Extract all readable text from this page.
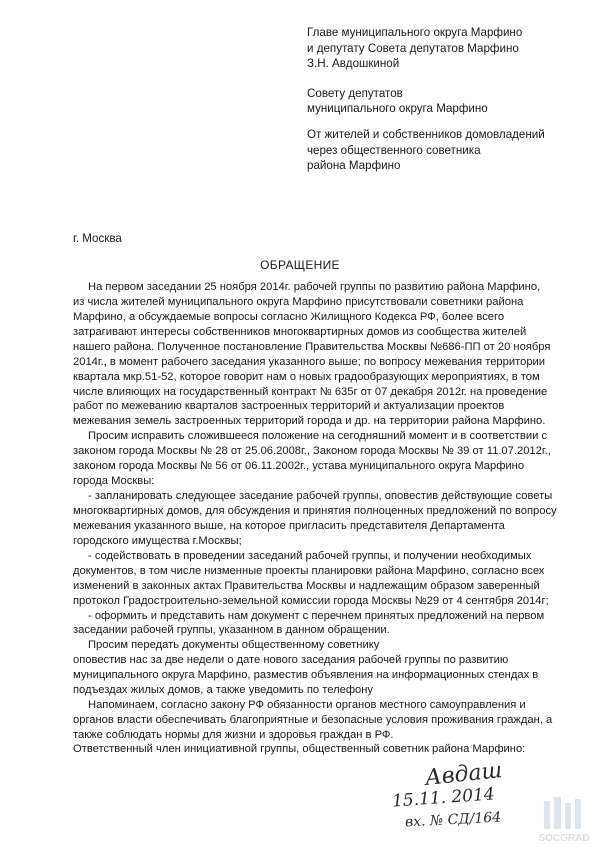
Главе муниципального округа Марфино
и депутату Совета депутатов Марфино
З.Н. Авдошкиной
Совету депутатов
муниципального округа Марфино
От жителей и собственников домовладений
через общественного советника
района Марфино
г. Москва
ОБРАЩЕНИЕ
На первом заседании 25 ноября 2014г. рабочей группы по развитию района Марфино,
из числа жителей муниципального округа Марфино присутствовали советники района
Марфино, а обсуждаемые вопросы согласно Жилищного Кодекса РФ, более всего
затрагивают интересы собственников многоквартирных домов из сообщества жителей
нашего района. Полученное постановление Правительства Москвы №686-ПП от 20 ноября
2014г., в момент рабочего заседания указанного выше; по вопросу межевания территории
квартала мкр.51-52, которое говорит нам о новых градообразующих мероприятиях, в том
числе влияющих на государственный контракт № 635г от 07 декабря 2012г. на проведение
работ по межеванию кварталов застроенных территорий и актуализации проектов
межевания земель застроенных территорий города и др. на территории района Марфино.
Просим исправить сложившееся положение на сегодняшний момент и в соответствии с
законом города Москвы № 28 от 25.06.2008г., Законом города Москвы № 39 от 11.07.2012г.,
законом города Москвы № 56 от 06.11.2002г., устава муниципального округа Марфино
города Москвы:
- запланировать следующее заседание рабочей группы, оповестив действующие советы
многоквартирных домов, для обсуждения и принятия полноценных предложений по вопросу
межевания указанного выше, на которое пригласить представителя Департамента
городского имущества г.Москвы;
- содействовать в проведении заседаний рабочей группы, и получении необходимых
документов, в том числе низменные проекты планировки района Марфино, согласно всех
изменений в законных актах Правительства Москвы и надлежащим образом заверенный
протокол Градостроительно-земельной комиссии города Москвы №29 от 4 сентября 2014г;
- оформить и представить нам документ с перечнем принятых предложений на первом
заседании рабочей группы, указанном в данном обращении.
Просим передать документы общественному советнику
оповестив нас за две недели о дате нового заседания рабочей группы по развитию
муниципального округа Марфино, разместив объявления на информационных стендах в
подъездах жилых домов, а также уведомить по телефону
Напоминаем, согласно закону РФ обязанности органов местного самоуправления и
органов власти обеспечивать благоприятные и безопасные условия проживания граждан, а
также соблюдать нормы для жизни и здоровья граждан в РФ.
Ответственный член инициативной группы, общественный советник района Марфино:
Авдаш
15.11. 2014
вх. № СД/164
SOCGRAD
